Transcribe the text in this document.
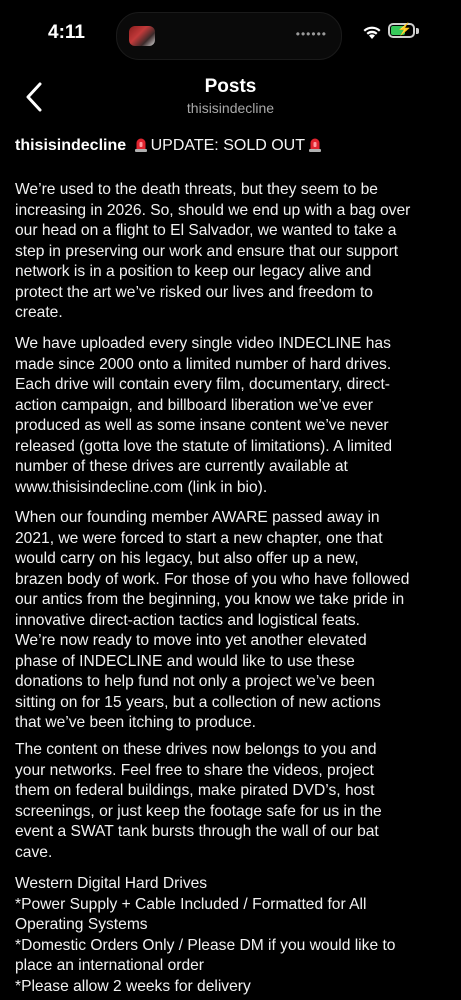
4:11	••••••	⚡
Posts
thisisindecline
thisisindecline UPDATE: SOLD OUT
We’re used to the death threats, but they seem to be
increasing in 2026. So, should we end up with a bag over
our head on a flight to El Salvador, we wanted to take a
step in preserving our work and ensure that our support
network is in a position to keep our legacy alive and
protect the art we’ve risked our lives and freedom to
create.
We have uploaded every single video INDECLINE has
made since 2000 onto a limited number of hard drives.
Each drive will contain every film, documentary, direct-
action campaign, and billboard liberation we’ve ever
produced as well as some insane content we’ve never
released (gotta love the statute of limitations). A limited
number of these drives are currently available at
www.thisisindecline.com (link in bio).
When our founding member AWARE passed away in
2021, we were forced to start a new chapter, one that
would carry on his legacy, but also offer up a new,
brazen body of work. For those of you who have followed
our antics from the beginning, you know we take pride in
innovative direct-action tactics and logistical feats.
We’re now ready to move into yet another elevated
phase of INDECLINE and would like to use these
donations to help fund not only a project we’ve been
sitting on for 15 years, but a collection of new actions
that we’ve been itching to produce.
The content on these drives now belongs to you and
your networks. Feel free to share the videos, project
them on federal buildings, make pirated DVD’s, host
screenings, or just keep the footage safe for us in the
event a SWAT tank bursts through the wall of our bat
cave.
Western Digital Hard Drives
*Power Supply + Cable Included / Formatted for All
Operating Systems
*Domestic Orders Only / Please DM if you would like to
place an international order
*Please allow 2 weeks for delivery
